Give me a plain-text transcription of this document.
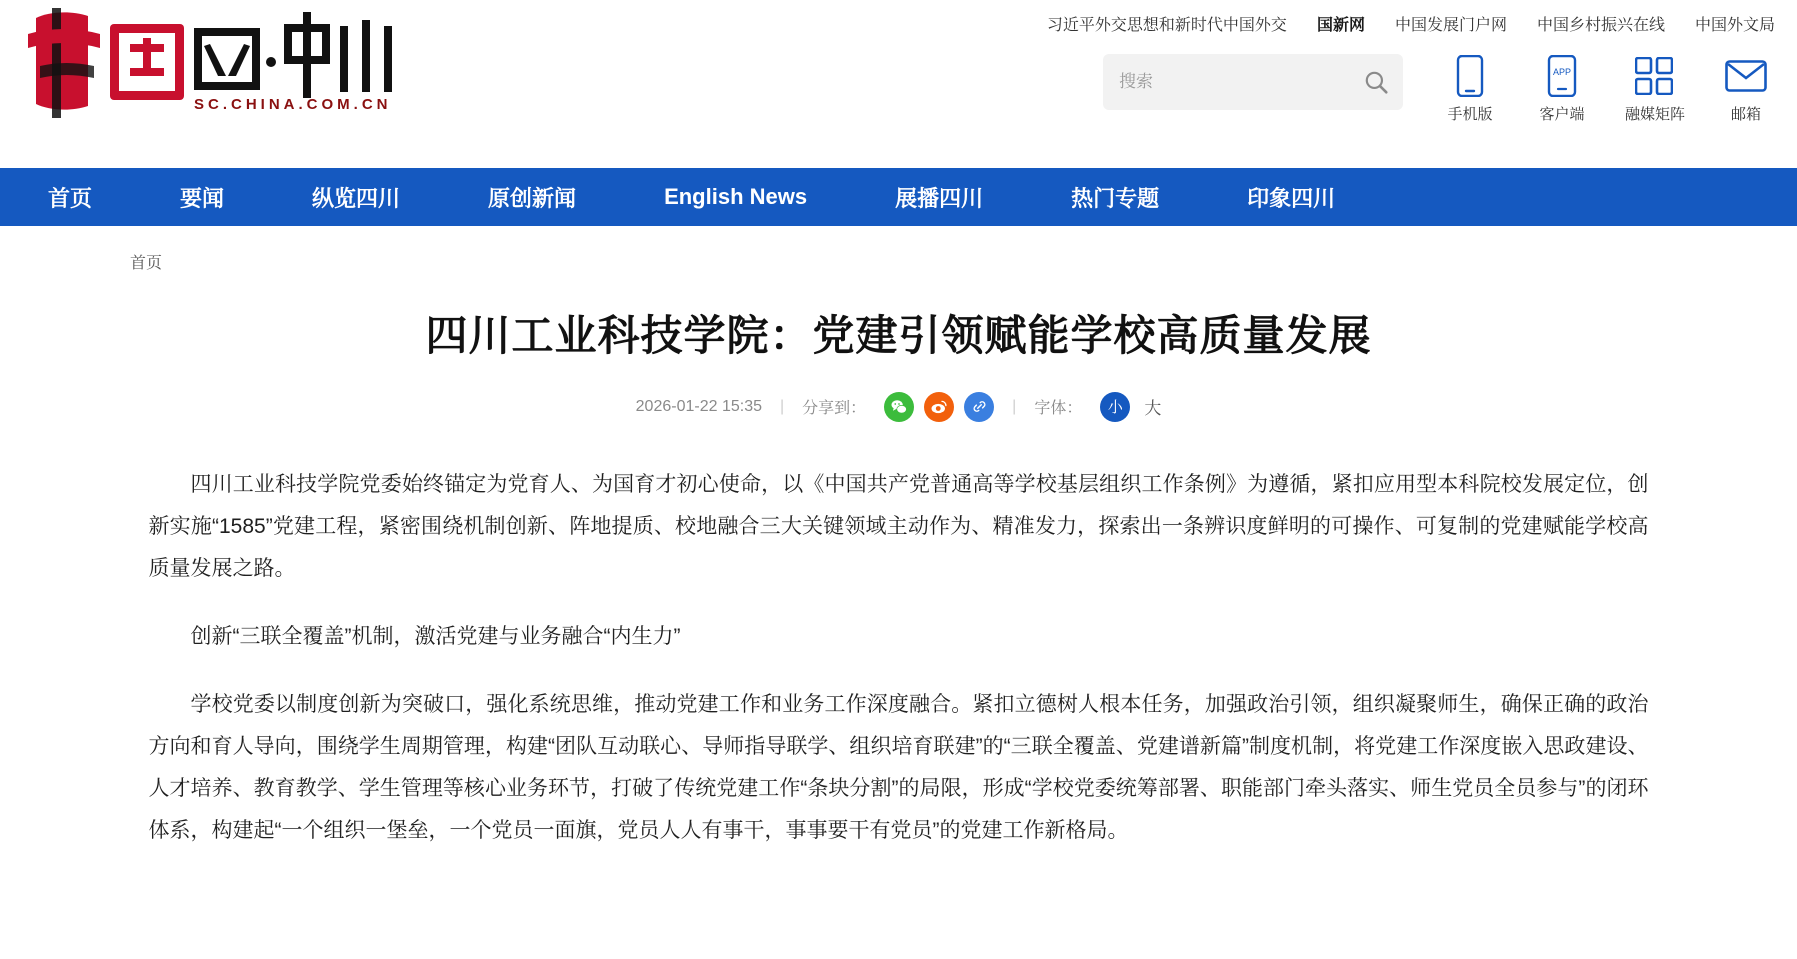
SC.CHINA.COM.CN
习近平外交思想和新时代中国外交 国新网 中国发展门户网 中国乡村振兴在线 中国外文局
搜索
手机版
APP
客户端	融媒矩阵	邮箱
首页	要闻	纵览四川	原创新闻	English News	展播四川	热门专题	印象四川
首页
四川工业科技学院：党建引领赋能学校高质量发展
2026-01-22 15:35 | 分享到：	| 字体：	小	大

四川工业科技学院党委始终锚定为党育人、为国育才初心使命，以《中国共产党普通高等学校基层组织工作条例》为遵循，紧扣应用型本科院校发展定位，创新实施“1585”党建工程，紧密围绕机制创新、阵地提质、校地融合三大关键领域主动作为、精准发力，探索出一条辨识度鲜明的可操作、可复制的党建赋能学校高质量发展之路。

创新“三联全覆盖”机制，激活党建与业务融合“内生力”

学校党委以制度创新为突破口，强化系统思维，推动党建工作和业务工作深度融合。紧扣立德树人根本任务，加强政治引领，组织凝聚师生，确保正确的政治方向和育人导向，围绕学生周期管理，构建“团队互动联心、导师指导联学、组织培育联建”的“三联全覆盖、党建谱新篇”制度机制，将党建工作深度嵌入思政建设、人才培养、教育教学、学生管理等核心业务环节，打破了传统党建工作“条块分割”的局限，形成“学校党委统筹部署、职能部门牵头落实、师生党员全员参与”的闭环体系，构建起“一个组织一堡垒，一个党员一面旗，党员人人有事干，事事要干有党员”的党建工作新格局。
